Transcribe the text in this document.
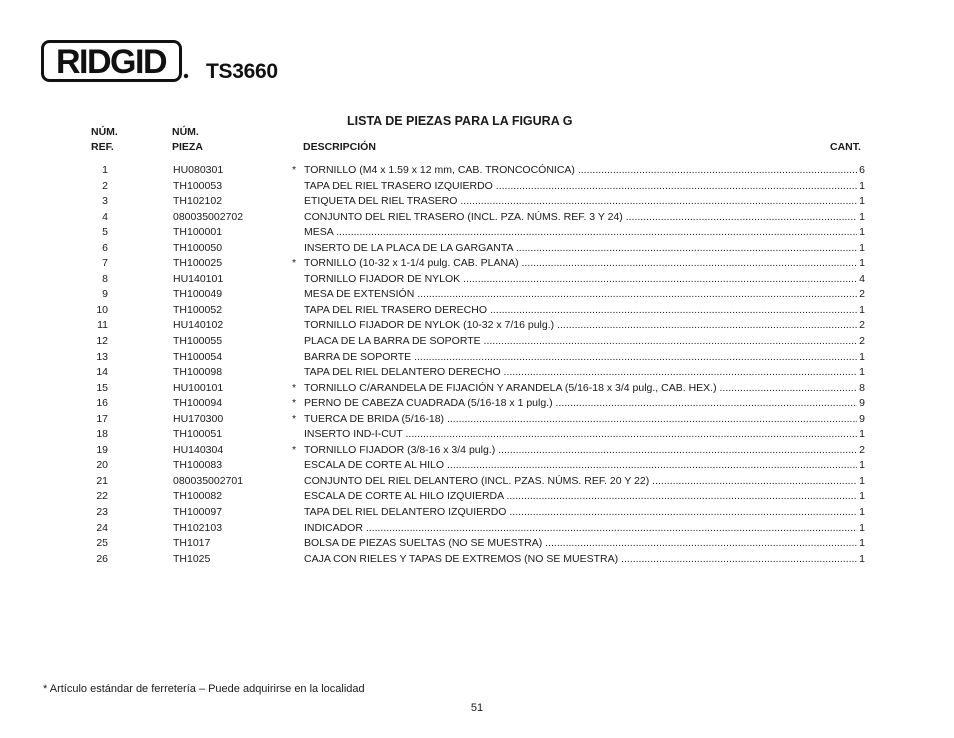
RIDGID TS3660
LISTA DE PIEZAS PARA LA FIGURA G
NÚM.
REF.
NÚM.
PIEZA	DESCRIPCIÓN	CANT.
1	HU080301	* TORNILLO (M4 x 1.59 x 12 mm, CAB. TRONCOCÓNICA) .....	6
2	TH100053	TAPA DEL RIEL TRASERO IZQUIERDO .....	1
3	TH102102	ETIQUETA DEL RIEL TRASERO .....	1
4	080035002702	CONJUNTO DEL RIEL TRASERO (INCL. PZA. NÚMS. REF. 3 Y 24) .....	1
5	TH100001	MESA .....	1
6	TH100050	INSERTO DE LA PLACA DE LA GARGANTA .....	1
7	TH100025	* TORNILLO (10-32 x 1-1/4 pulg. CAB. PLANA) .....	1
8	HU140101	TORNILLO FIJADOR DE NYLOK .....	4
9	TH100049	MESA DE EXTENSIÓN .....	2
10	TH100052	TAPA DEL RIEL TRASERO DERECHO .....	1
11	HU140102	TORNILLO FIJADOR DE NYLOK (10-32 x 7/16 pulg.) .....	2
12	TH100055	PLACA DE LA BARRA DE SOPORTE .....	2
13	TH100054	BARRA DE SOPORTE .....	1
14	TH100098	TAPA DEL RIEL DELANTERO DERECHO .....	1
15	HU100101	* TORNILLO C/ARANDELA DE FIJACIÓN Y ARANDELA (5/16-18 x 3/4 pulg., CAB. HEX.) .....	8
16	TH100094	* PERNO DE CABEZA CUADRADA (5/16-18 x 1 pulg.) .....	9
17	HU170300	* TUERCA DE BRIDA (5/16-18) .....	9
18	TH100051	INSERTO IND-I-CUT .....	1
19	HU140304	* TORNILLO FIJADOR (3/8-16 x 3/4 pulg.) .....	2
20	TH100083	ESCALA DE CORTE AL HILO .....	1
21	080035002701	CONJUNTO DEL RIEL DELANTERO (INCL. PZAS. NÚMS. REF. 20 Y 22) .....	1
22	TH100082	ESCALA DE CORTE AL HILO IZQUIERDA .....	1
23	TH100097	TAPA DEL RIEL DELANTERO IZQUIERDO .....	1
24	TH102103	INDICADOR .....	1
25	TH1017	BOLSA DE PIEZAS SUELTAS (NO SE MUESTRA) .....	1
26	TH1025	CAJA CON RIELES Y TAPAS DE EXTREMOS (NO SE MUESTRA) .....	1
* Artículo estándar de ferretería – Puede adquirirse en la localidad
51
